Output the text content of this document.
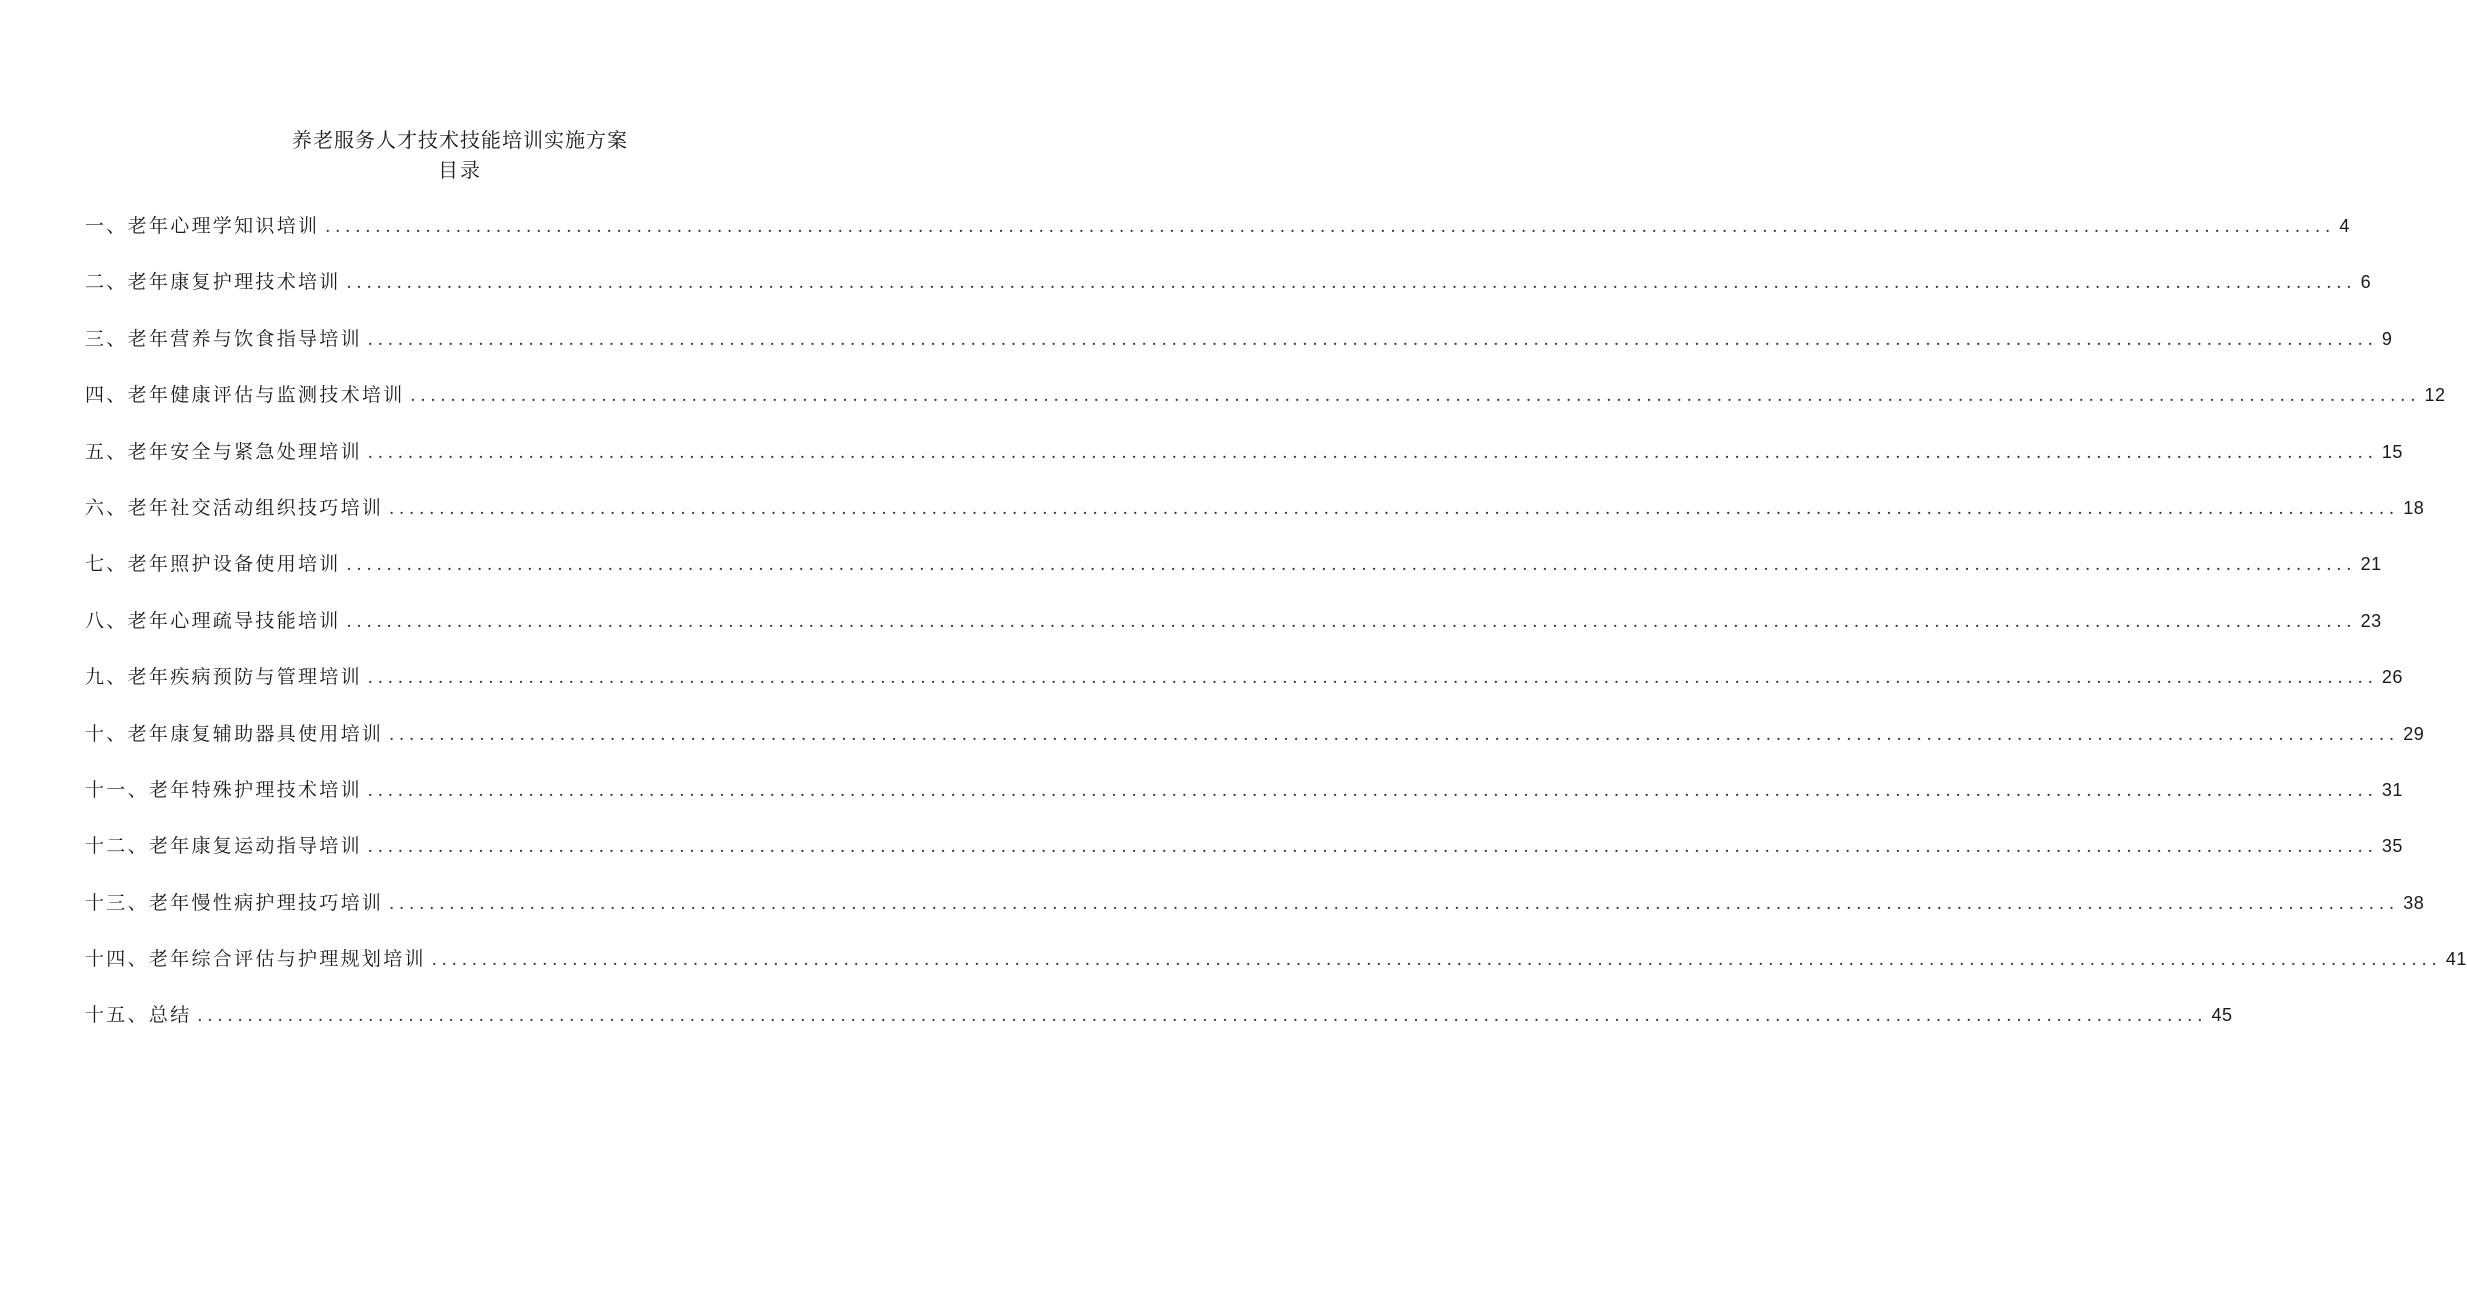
养老服务人才技术技能培训实施方案
目录
一、老年心理学知识培训 ........................................................................................................................................................................................................ 4
二、老年康复护理技术培训 ........................................................................................................................................................................................................ 6
三、老年营养与饮食指导培训 ........................................................................................................................................................................................................ 9
四、老年健康评估与监测技术培训 ........................................................................................................................................................................................................ 12
五、老年安全与紧急处理培训 ........................................................................................................................................................................................................ 15
六、老年社交活动组织技巧培训 ........................................................................................................................................................................................................ 18
七、老年照护设备使用培训 ........................................................................................................................................................................................................ 21
八、老年心理疏导技能培训 ........................................................................................................................................................................................................ 23
九、老年疾病预防与管理培训 ........................................................................................................................................................................................................ 26
十、老年康复辅助器具使用培训 ........................................................................................................................................................................................................ 29
十一、老年特殊护理技术培训 ........................................................................................................................................................................................................ 31
十二、老年康复运动指导培训 ........................................................................................................................................................................................................ 35
十三、老年慢性病护理技巧培训 ........................................................................................................................................................................................................ 38
十四、老年综合评估与护理规划培训 ........................................................................................................................................................................................................ 41
十五、总结 ........................................................................................................................................................................................................ 45
